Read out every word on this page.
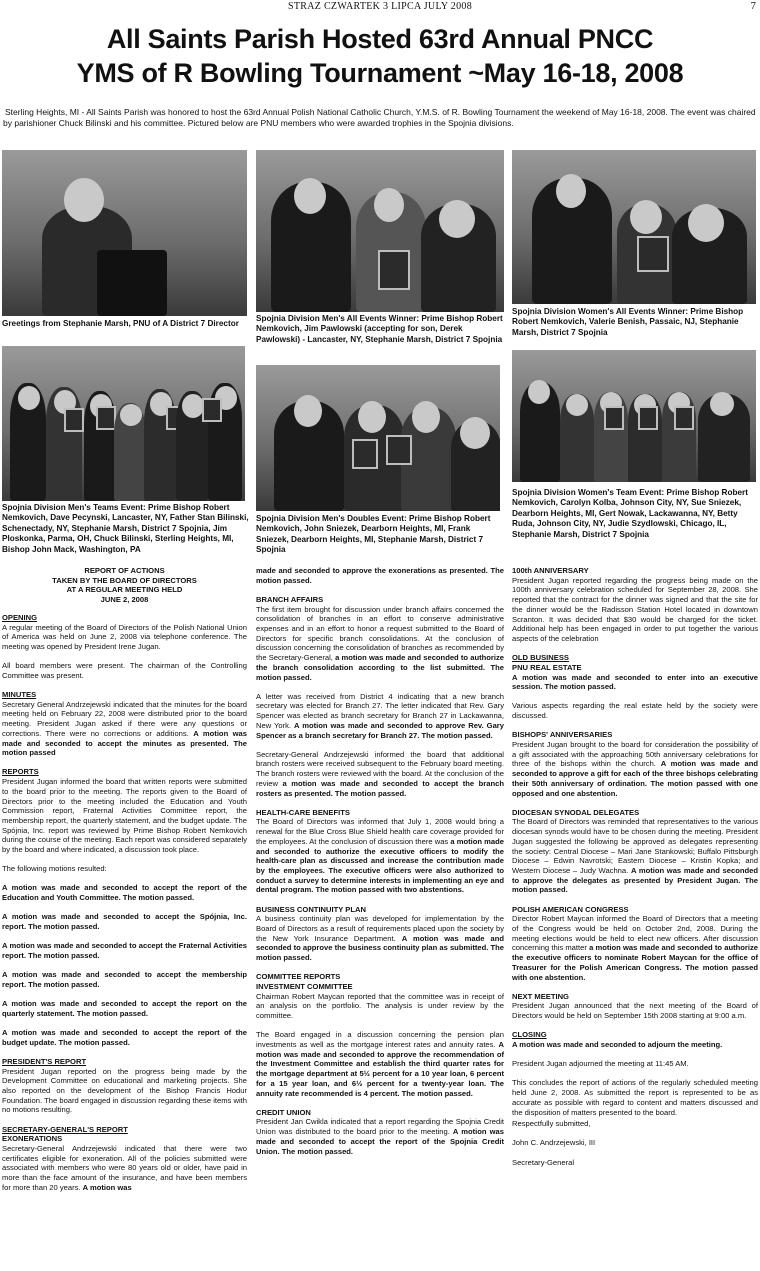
STRAZ CZWARTEK 3 LIPCA JULY 2008	7
All Saints Parish Hosted 63rd Annual PNCC
YMS of R Bowling Tournament ~May 16-18, 2008
Sterling Heights, MI - All Saints Parish was honored to host the 63rd Annual Polish National Catholic Church, Y.M.S. of R. Bowling Tournament the weekend of May 16-18, 2008. The event was chaired by parishioner Chuck Bilinski and his committee. Pictured below are PNU members who were awarded trophies in the Spojnia divisions.
Greetings from Stephanie Marsh, PNU of A District 7 Director
Spojnia Division Men's All Events Winner: Prime Bishop Robert Nemkovich, Jim Pawlowski (accepting for son, Derek Pawlowski) - Lancaster, NY, Stephanie Marsh, District 7 Spojnia
Spojnia Division Women's All Events Winner: Prime Bishop Robert Nemkovich, Valerie Benish, Passaic, NJ, Stephanie Marsh, District 7 Spojnia
Spojnia Division Men's Teams Event: Prime Bishop Robert Nemkovich, Dave Pecynski, Lancaster, NY, Father Stan Bilinski, Schenectady, NY, Stephanie Marsh, District 7 Spojnia, Jim Ploskonka, Parma, OH, Chuck Bilinski, Sterling Heights, MI, Bishop John Mack, Washington, PA
Spojnia Division Men's Doubles Event: Prime Bishop Robert Nemkovich, John Sniezek, Dearborn Heights, MI, Frank Sniezek, Dearborn Heights, MI, Stephanie Marsh, District 7 Spojnia
Spojnia Division Women's Team Event: Prime Bishop Robert Nemkovich, Carolyn Kolba, Johnson City, NY, Sue Sniezek, Dearborn Heights, MI, Gert Nowak, Lackawanna, NY, Betty Ruda, Johnson City, NY, Judie Szydlowski, Chicago, IL, Stephanie Marsh, District 7 Spojnia
REPORT OF ACTIONS
TAKEN BY THE BOARD OF DIRECTORS
AT A REGULAR MEETING HELD
JUNE 2, 2008
OPENING

A regular meeting of the Board of Directors of the Polish National Union of America was held on June 2, 2008 via telephone conference. The meeting was opened by President Irene Jugan.

All board members were present. The chairman of the Controlling Committee was present.

MINUTES

Secretary General Andrzejewski indicated that the minutes for the board meeting held on February 22, 2008 were distributed prior to the board meeting. President Jugan asked if there were any questions or corrections. There were no corrections or additions. A motion was made and seconded to accept the minutes as presented. The motion passed

REPORTS

President Jugan informed the board that written reports were submitted to the board prior to the meeting. The reports given to the Board of Directors prior to the meeting included the Education and Youth Commission report, Fraternal Activities Committee report, the membership report, the quarterly statement, and the budget update. The Spójnia, Inc. report was reviewed by Prime Bishop Robert Nemkovich during the course of the meeting. Each report was considered separately by the board and where indicated, a discussion took place.

The following motions resulted:

A motion was made and seconded to accept the report of the Education and Youth Committee. The motion passed.

A motion was made and seconded to accept the Spójnia, Inc. report. The motion passed.

A motion was made and seconded to accept the Fraternal Activities report. The motion passed.

A motion was made and seconded to accept the membership report. The motion passed.

A motion was made and seconded to accept the report on the quarterly statement. The motion passed.

A motion was made and seconded to accept the report of the budget update. The motion passed.

PRESIDENT'S REPORT

President Jugan reported on the progress being made by the Development Committee on educational and marketing projects. She also reported on the development of the Bishop Francis Hodur Foundation. The board engaged in discussion regarding these items with no motions resulting.

SECRETARY-GENERAL'S REPORT
EXONERATIONS

Secretary-General Andrzejewski indicated that there were two certificates eligible for exoneration. All of the policies submitted were associated with members who were 80 years old or older, have paid in more than the face amount of the insurance, and have been members for more than 20 years. A motion was

made and seconded to approve the exonerations as presented. The motion passed.

BRANCH AFFAIRS

The first item brought for discussion under branch affairs concerned the consolidation of branches in an effort to conserve administrative expenses and in an effort to honor a request submitted to the Board of Directors for specific branch consolidations. At the conclusion of discussion concerning the consolidation of branches as recommended by the Secretary-General, a motion was made and seconded to authorize the branch consolidation according to the list submitted. The motion passed.

A letter was received from District 4 indicating that a new branch secretary was elected for Branch 27. The letter indicated that Rev. Gary Spencer was elected as branch secretary for Branch 27 in Lackawanna, New York. A motion was made and seconded to approve Rev. Gary Spencer as a branch secretary for Branch 27. The motion passed.

Secretary-General Andrzejewski informed the board that additional branch rosters were received subsequent to the February board meeting. The branch rosters were reviewed with the board. At the conclusion of the review a motion was made and seconded to accept the branch rosters as presented. The motion passed.

HEALTH-CARE BENEFITS

The Board of Directors was informed that July 1, 2008 would bring a renewal for the Blue Cross Blue Shield health care coverage provided for the employees. At the conclusion of discussion there was a motion made and seconded to authorize the executive officers to modify the health-care plan as discussed and increase the contribution made by the employees. The executive officers were also authorized to conduct a survey to determine interests in implementing an eye and dental program. The motion passed with two abstentions.

BUSINESS CONTINUITY PLAN

A business continuity plan was developed for implementation by the Board of Directors as a result of requirements placed upon the society by the New York Insurance Department. A motion was made and seconded to approve the business continuity plan as submitted. The motion passed.

COMMITTEE REPORTS
INVESTMENT COMMITTEE

Chairman Robert Maycan reported that the committee was in receipt of an analysis on the portfolio. The analysis is under review by the committee.

The Board engaged in a discussion concerning the pension plan investments as well as the mortgage interest rates and annuity rates. A motion was made and seconded to approve the recommendation of the Investment Committee and establish the third quarter rates for the mortgage department at 5½ percent for a 10 year loan, 6 percent for a 15 year loan, and 6½ percent for a twenty-year loan. The annuity rate recommended is 4 percent. The motion passed.

CREDIT UNION

President Jan Cwikla indicated that a report regarding the Spojnia Credit Union was distributed to the board prior to the meeting. A motion was made and seconded to accept the report of the Spojnia Credit Union. The motion passed.

100th ANNIVERSARY

President Jugan reported regarding the progress being made on the 100th anniversary celebration scheduled for September 28, 2008. She reported that the contract for the dinner was signed and that the site for the dinner would be the Radisson Station Hotel located in downtown Scranton. It was decided that $30 would be charged for the ticket. Additional help has been engaged in order to put together the various aspects of the celebration

OLD BUSINESS
PNU REAL ESTATE

A motion was made and seconded to enter into an executive session. The motion passed.

Various aspects regarding the real estate held by the society were discussed.

BISHOPS' ANNIVERSARIES

President Jugan brought to the board for consideration the possibility of a gift associated with the approaching 50th anniversary celebrations for three of the bishops within the church. A motion was made and seconded to approve a gift for each of the three bishops celebrating their 50th anniversary of ordination. The motion passed with one opposed and one abstention.

DIOCESAN SYNODAL DELEGATES

The Board of Directors was reminded that representatives to the various diocesan synods would have to be chosen during the meeting. President Jugan suggested the following be approved as delegates representing the society: Central Diocese – Mari Jane Stankowski; Buffalo Pittsburgh Diocese – Edwin Navrotski; Eastern Diocese – Kristin Kopka; and Western Diocese – Judy Wachna. A motion was made and seconded to approve the delegates as presented by President Jugan. The motion passed.

POLISH AMERICAN CONGRESS

Director Robert Maycan informed the Board of Directors that a meeting of the Congress would be held on October 2nd, 2008. During the meeting elections would be held to elect new officers. After discussion concerning this matter a motion was made and seconded to authorize the executive officers to nominate Robert Maycan for the office of Treasurer for the Polish American Congress. The motion passed with one abstention.

NEXT MEETING

President Jugan announced that the next meeting of the Board of Directors would be held on September 15th 2008 starting at 9:00 a.m.

CLOSING

A motion was made and seconded to adjourn the meeting.

President Jugan adjourned the meeting at 11:45 AM.

This concludes the report of actions of the regularly scheduled meeting held June 2, 2008. As submitted the report is represented to be as accurate as possible with regard to content and matters discussed and the disposition of matters presented to the board.

Respectfully submitted,

John C. Andrzejewski, III

Secretary-General
